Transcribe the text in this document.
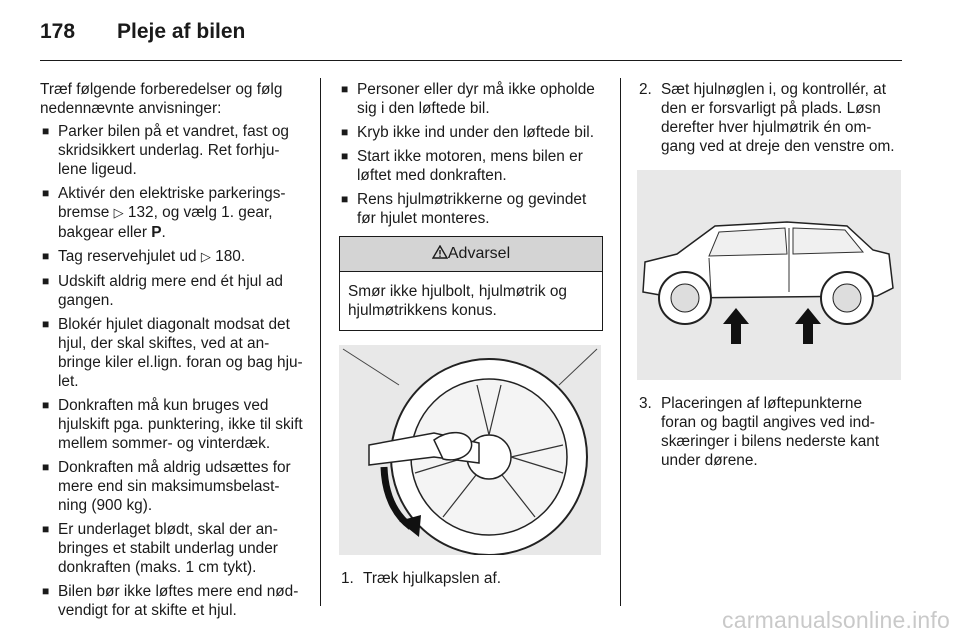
178 Pleje af bilen

Træf følgende forberedelser og følg nedennævnte anvisninger:

■ Parker bilen på et vandret, fast og skridsikkert underlag. Ret forhju-lene ligeud.
■ Aktivér den elektriske parkerings-bremse ▷ 132, og vælg 1. gear, bakgear eller P.
■ Tag reservehjulet ud ▷ 180.
■ Udskift aldrig mere end ét hjul ad gangen.
■ Blokér hjulet diagonalt modsat det hjul, der skal skiftes, ved at an-bringe kiler el.lign. foran og bag hju-let.
■ Donkraften må kun bruges ved hjulskift pga. punktering, ikke til skift mellem sommer- og vinterdæk.
■ Donkraften må aldrig udsættes for mere end sin maksimumsbelast-ning (900 kg).
■ Er underlaget blødt, skal der an-bringes et stabilt underlag under donkraften (maks. 1 cm tykt).
■ Bilen bør ikke løftes mere end nød-vendigt for at skifte et hjul.
■ Personer eller dyr må ikke opholde sig i den løftede bil.
■ Kryb ikke ind under den løftede bil.
■ Start ikke motoren, mens bilen er løftet med donkraften.
■ Rens hjulmøtrikkerne og gevindet før hjulet monteres.
Advarsel
Smør ikke hjulbolt, hjulmøtrik og hjulmøtrikkens konus.
1. Træk hjulkapslen af.
2. Sæt hjulnøglen i, og kontrollér, at den er forsvarligt på plads. Løsn derefter hver hjulmøtrik én om-gang ved at dreje den venstre om.
3. Placeringen af løftepunkterne foran og bagtil angives ved ind-skæringer i bilens nederste kant under dørene.
carmanualsonline.info
